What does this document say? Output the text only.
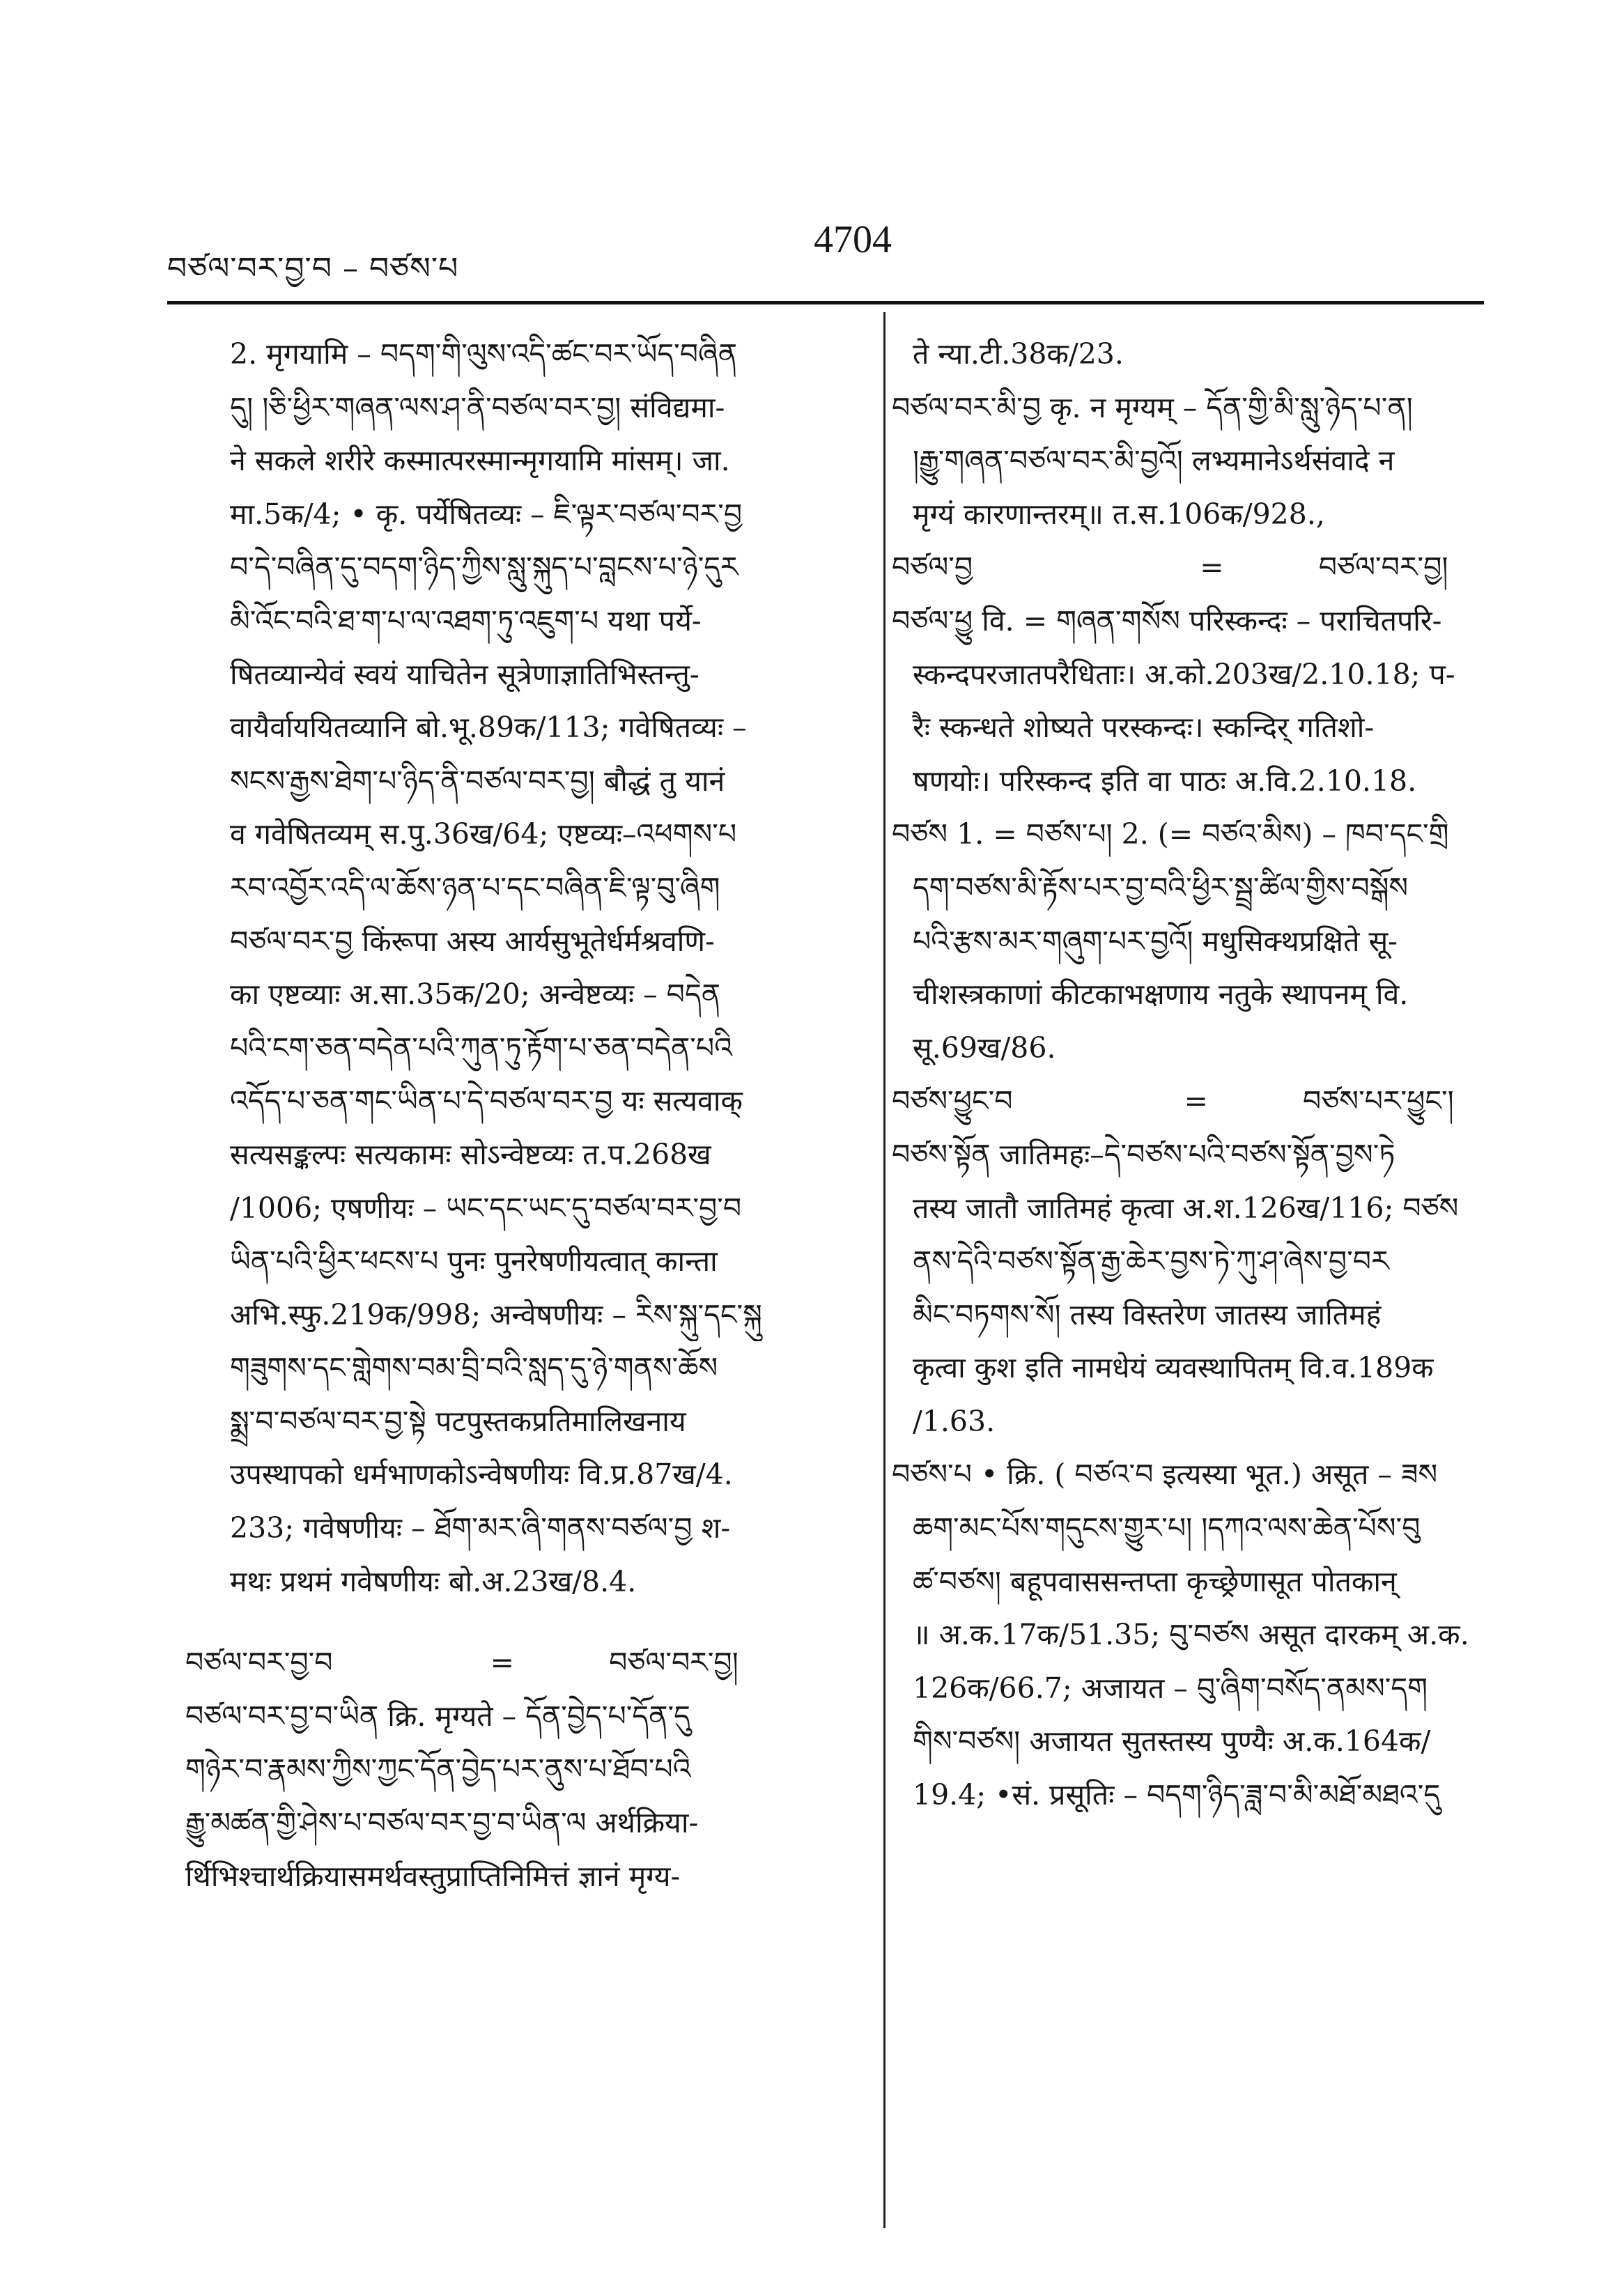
བཙལ་བར་བྱ་བ – བཙས་པ
4704
2. मृगयामि – བདག་གི་ལུས་འདི་ཚང་བར་ཡོད་བཞིན
དུ། །ཅི་ཕྱིར་གཞན་ལས་ཤ་ནི་བཙལ་བར་བྱ། संविद्यमा-
ने सकले शरीरे कस्मात्परस्मान्मृगयामि मांसम्। जा.
मा.5क/4; • कृ. पर्येषितव्यः – ཇི་ལྟར་བཙལ་བར་བྱ
བ་དེ་བཞིན་དུ་བདག་ཉིད་ཀྱིས་སླུ་སྐུད་པ་བླངས་པ་ཉེ་དུར
མི་འོང་བའི་ཐ་ག་པ་ལ་འཐག་ཏུ་འཇུག་པ यथा पर्ये-
षितव्यान्येवं स्वयं याचितेन सूत्रेणाज्ञातिभिस्तन्तु-
वायैर्वाययितव्यानि बो.भू.89क/113; गवेषितव्यः –
སངས་རྒྱས་ཐེག་པ་ཉིད་ནི་བཙལ་བར་བྱ། बौद्धं तु यानं
व गवेषितव्यम् स.पु.36ख/64; एष्टव्यः–འཕགས་པ
རབ་འབྱོར་འདི་ལ་ཆོས་ཉན་པ་དང་བཞིན་ཇི་ལྟ་བུ་ཞིག
བཙལ་བར་བྱ किंरूपा अस्य आर्यसुभूतेर्धर्मश्रवणि-
का एष्टव्याः अ.सा.35क/20; अन्वेष्टव्यः – བདེན
པའི་ངག་ཅན་བདེན་པའི་ཀུན་ཏུ་རྟོག་པ་ཅན་བདེན་པའི
འདོད་པ་ཅན་གང་ཡིན་པ་དེ་བཙལ་བར་བྱ यः सत्यवाक्
सत्यसङ्कल्पः सत्यकामः सोऽन्वेष्टव्यः त.प.268ख
/1006; एषणीयः – ཡང་དང་ཡང་དུ་བཙལ་བར་བྱ་བ
ཡིན་པའི་ཕྱིར་ཕངས་པ पुनः पुनरेषणीयत्वात् कान्ता
अभि.स्फु.219क/998; अन्वेषणीयः – རིས་སྐུ་དང་སྐུ
གཟུགས་དང་གླེགས་བམ་བྲི་བའི་སླད་དུ་ཉེ་གནས་ཆོས
སྨྲ་བ་བཙལ་བར་བྱ་སྟེ पटपुस्तकप्रतिमालिखनाय
उपस्थापको धर्मभाणकोऽन्वेषणीयः वि.प्र.87ख/4.
233; गवेषणीयः – ཐོག་མར་ཞི་གནས་བཙལ་བྱ श-
मथः प्रथमं गवेषणीयः बो.अ.23ख/8.4.
བཙལ་བར་བྱ་བ	=	བཙལ་བར་བྱ།
བཙལ་བར་བྱ་བ་ཡིན क्रि. मृग्यते – དོན་བྱེད་པ་དོན་དུ
གཉེར་བ་རྣམས་ཀྱིས་ཀྱང་དོན་བྱེད་པར་ནུས་པ་ཐོབ་པའི
རྒྱུ་མཚན་གྱི་ཤེས་པ་བཙལ་བར་བྱ་བ་ཡིན་ལ अर्थक्रिया-
र्थिभिश्चार्थक्रियासमर्थवस्तुप्राप्तिनिमित्तं ज्ञानं मृग्य-
ते न्या.टी.38क/23.
བཙལ་བར་མི་བྱ कृ. न मृग्यम् – དོན་གྱི་མི་སླུ་ཉེད་པ་ན།
།རྒྱུ་གཞན་བཙལ་བར་མི་བྱའོ། लभ्यमानेऽर्थसंवादे न
मृग्यं कारणान्तरम्॥ त.स.106क/928.,
བཙལ་བྱ	=	བཙལ་བར་བྱ།
བཙལ་ཕྱུ वि. = གཞན་གསོས परिस्कन्दः – पराचितपरि-
स्कन्दपरजातपरैधिताः। अ.को.203ख/2.10.18; प-
रैः स्कन्धते शोष्यते परस्कन्दः। स्कन्दिर् गतिशो-
षणयोः। परिस्कन्द इति वा पाठः अ.वि.2.10.18.
བཙས 1. = བཙས་པ། 2. (= བཙའ་མིས) – ཁབ་དང་གྲི
དག་བཙས་མི་རྟོས་པར་བྱ་བའི་ཕྱིར་སྦྲ་ཚིལ་གྱིས་བསྒོས
པའི་རྩས་མར་གཞུག་པར་བྱའོ། मधुसिक्थप्रक्षिते सू-
चीशस्त्रकाणां कीटकाभक्षणाय नतुके स्थापनम् वि.
सू.69ख/86.
བཙས་ཕྱུང་བ	=	བཙས་པར་ཕྱུང་།
བཙས་སྟོན जातिमहः–དེ་བཙས་པའི་བཙས་སྟོན་བྱས་ཏེ
तस्य जातौ जातिमहं कृत्वा अ.श.126ख/116; བཙས
ནས་དེའི་བཙས་སྟོན་རྒྱ་ཆེར་བྱས་ཏེ་ཀུ་ཤ་ཞེས་བྱ་བར
མིང་བཏགས་སོ། तस्य विस्तरेण जातस्य जातिमहं
कृत्वा कुश इति नामधेयं व्यवस्थापितम् वि.व.189क
/1.63.
བཙས་པ • क्रि. ( བཙའ་བ इत्यस्या भूत.) असूत – ཟས
ཆག་མང་པོས་གདུངས་གྱུར་པ། །དཀའ་ལས་ཆེན་པོས་བུ
ཚ་བཙས། बहूपवाससन्तप्ता कृच्छ्रेणासूत पोतकान्
॥ अ.क.17क/51.35; བུ་བཙས असूत दारकम् अ.क.
126क/66.7; अजायत – བུ་ཞིག་བསོད་ནམས་དག
གིས་བཙས། अजायत सुतस्तस्य पुण्यैः अ.क.164क/
19.4; •सं. प्रसूतिः – བདག་ཉིད་ཟླ་བ་མི་མཐོ་མཐའ་དུ
